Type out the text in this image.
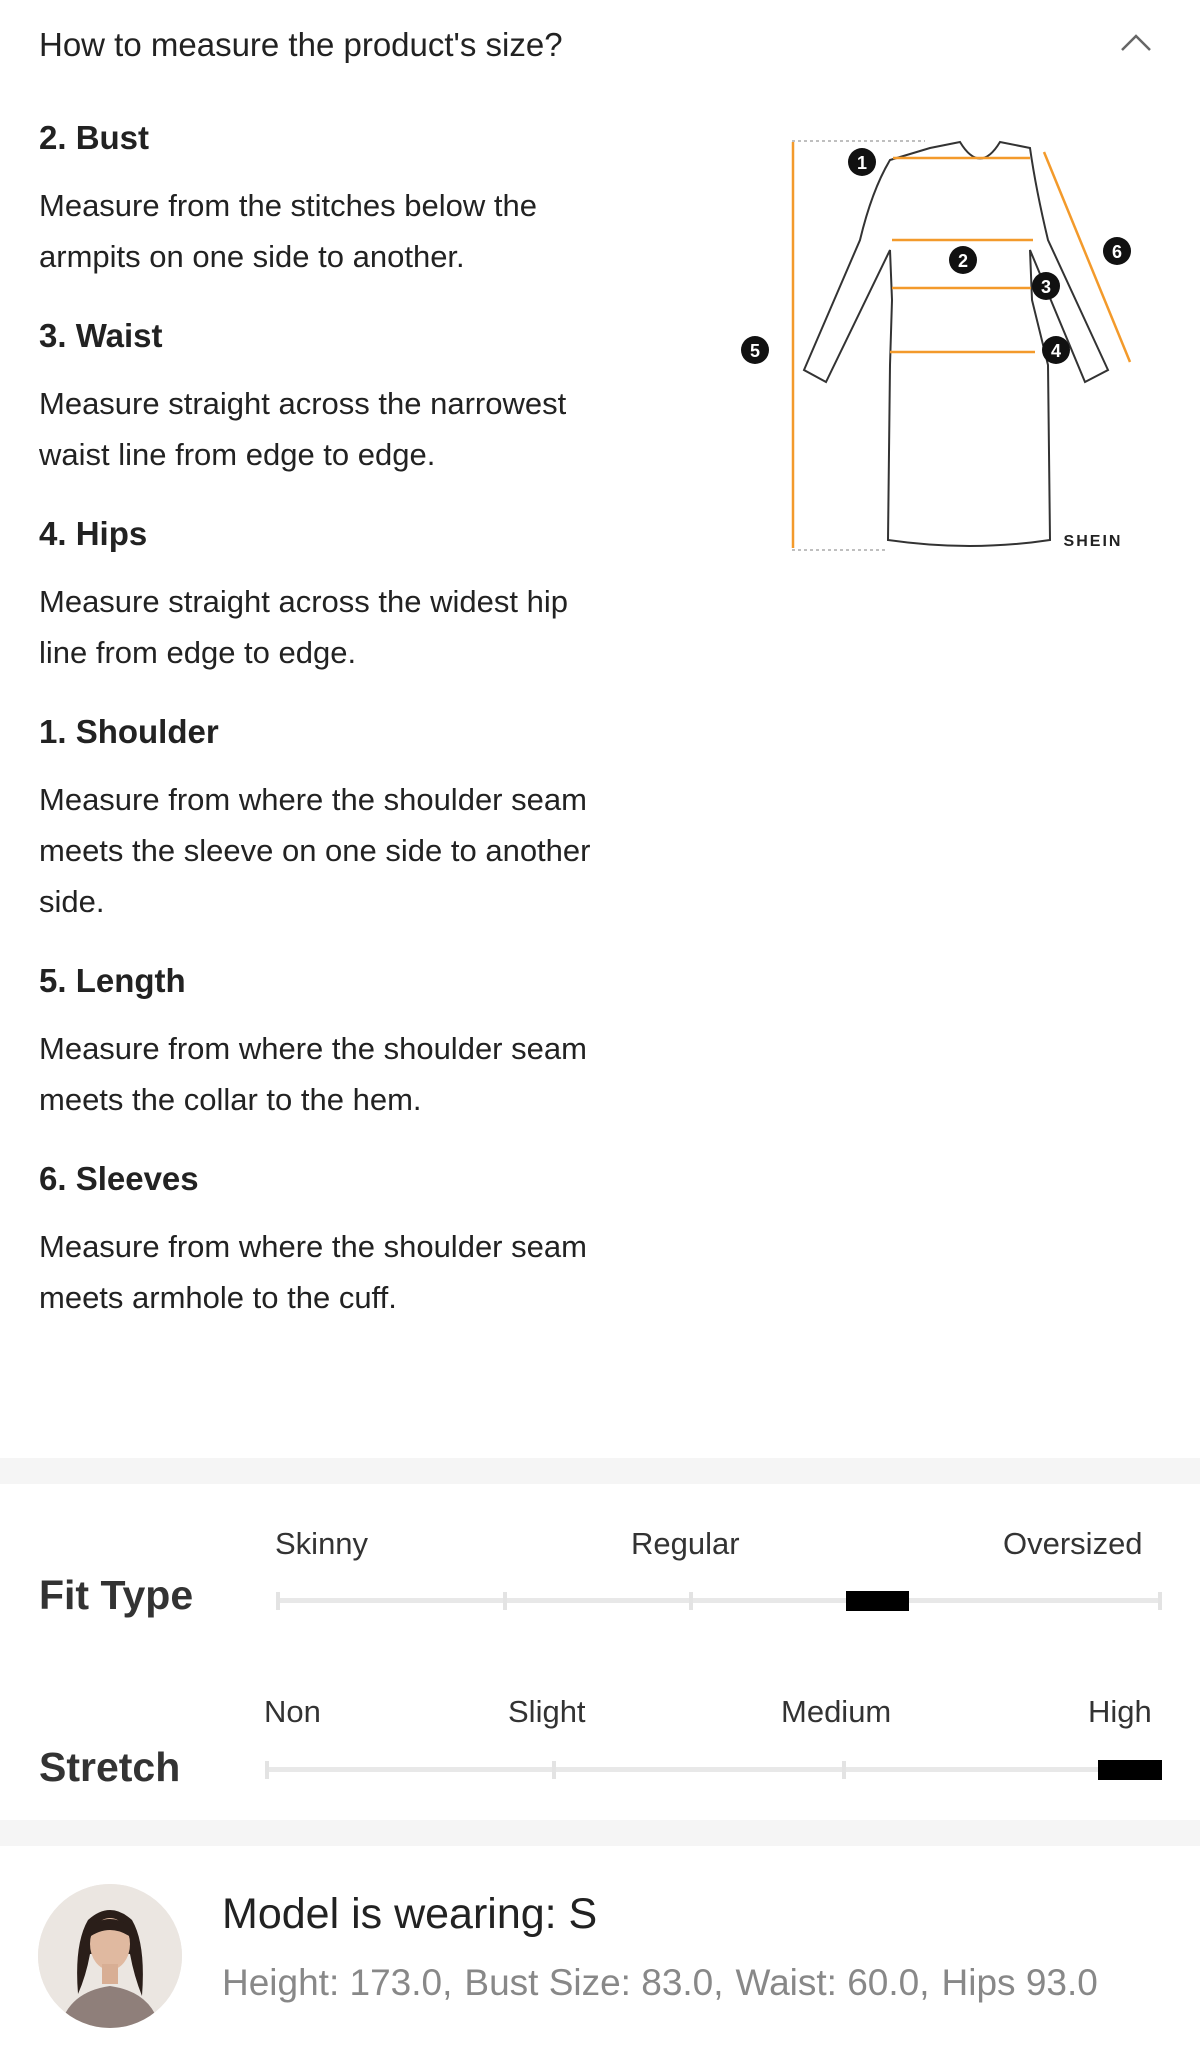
How to measure the product's size?
2. Bust
Measure from the stitches below the
armpits on one side to another.
3. Waist
Measure straight across the narrowest
waist line from edge to edge.
4. Hips
Measure straight across the widest hip
line from edge to edge.
1. Shoulder
Measure from where the shoulder seam
meets the sleeve on one side to another
side.
5. Length
Measure from where the shoulder seam
meets the collar to the hem.
6. Sleeves
Measure from where the shoulder seam
meets armhole to the cuff.
1
2
3
4
5
6
SHEIN
Fit Type
Skinny	Regular	Oversized
Stretch
Non	Slight	Medium	High
Model is wearing: S
Height: 173.0, Bust Size: 83.0, Waist: 60.0, Hips 93.0
